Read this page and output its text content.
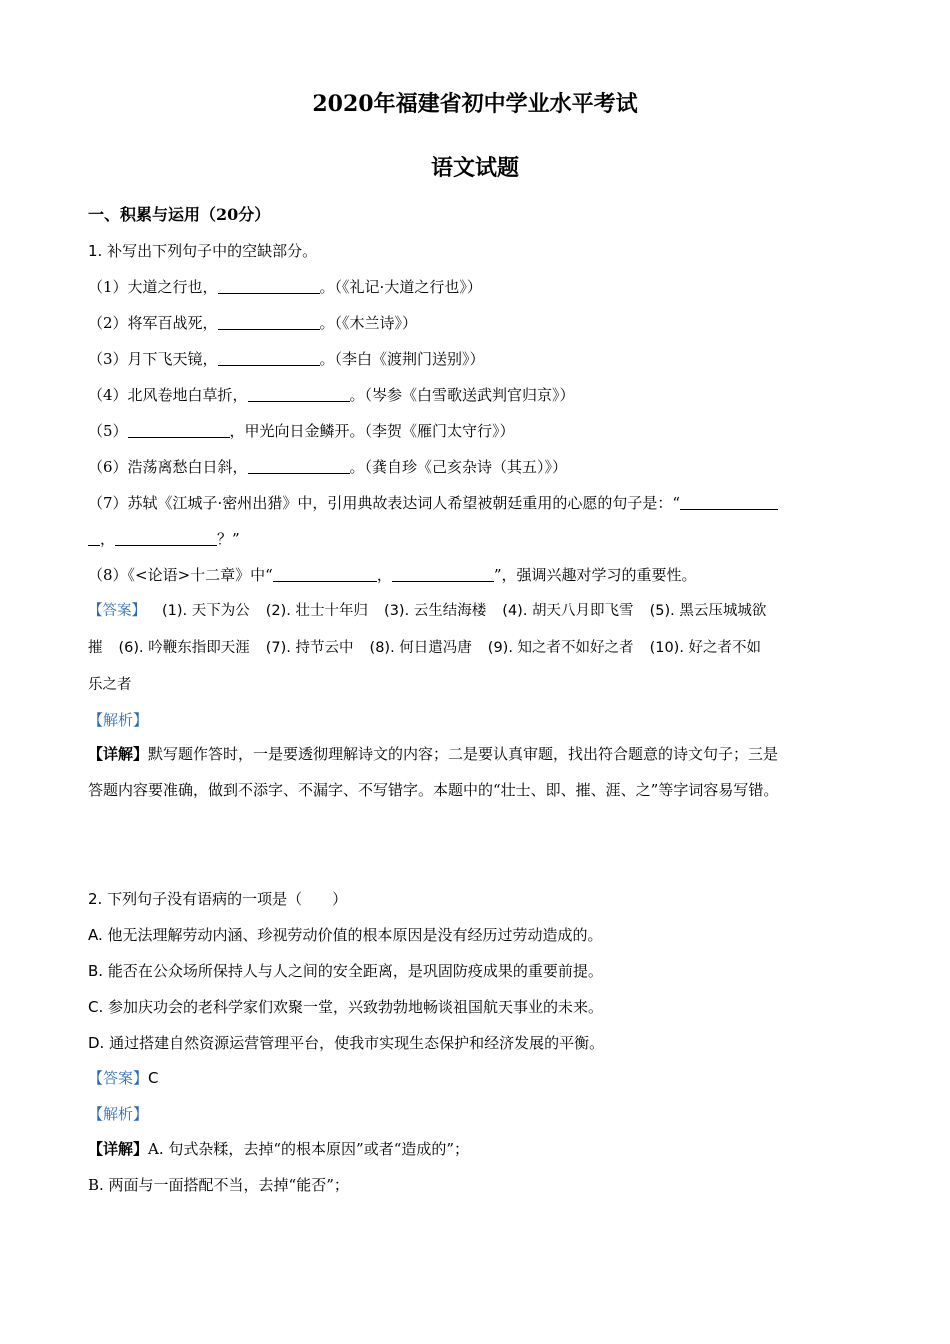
2020年福建省初中学业水平考试
语文试题
一、积累与运用（20分）
1. 补写出下列句子中的空缺部分。
（1）大道之行也，	。（《礼记·大道之行也》）
（2）将军百战死，	。（《木兰诗》）
（3）月下飞天镜，	。（李白《渡荆门送别》）
（4）北风卷地白草折，	。（岑参《白雪歌送武判官归京》）
（5）	，甲光向日金鳞开。（李贺《雁门太守行》）
（6）浩荡离愁白日斜，	。（龚自珍《己亥杂诗（其五）》）
（7）苏轼《江城子·密州出猎》中，引用典故表达词人希望被朝廷重用的心愿的句子是：“
，	？”
（8）《<论语>十二章》中“	，	”，强调兴趣对学习的重要性。
【答案】 (1). 天下为公 (2). 壮士十年归 (3). 云生结海楼 (4). 胡天八月即飞雪 (5). 黑云压城城欲
摧 (6). 吟鞭东指即天涯 (7). 持节云中 (8). 何日遣冯唐 (9). 知之者不如好之者 (10). 好之者不如
乐之者
【解析】
【详解】默写题作答时，一是要透彻理解诗文的内容；二是要认真审题，找出符合题意的诗文句子；三是
答题内容要准确，做到不添字、不漏字、不写错字。本题中的“壮士、即、摧、涯、之”等字词容易写错。
2. 下列句子没有语病的一项是（　　）
A. 他无法理解劳动内涵、珍视劳动价值的根本原因是没有经历过劳动造成的。
B. 能否在公众场所保持人与人之间的安全距离，是巩固防疫成果的重要前提。
C. 参加庆功会的老科学家们欢聚一堂，兴致勃勃地畅谈祖国航天事业的未来。
D. 通过搭建自然资源运营管理平台，使我市实现生态保护和经济发展的平衡。
【答案】C
【解析】
【详解】A. 句式杂糅，去掉“的根本原因”或者“造成的”；
B. 两面与一面搭配不当，去掉“能否”；
